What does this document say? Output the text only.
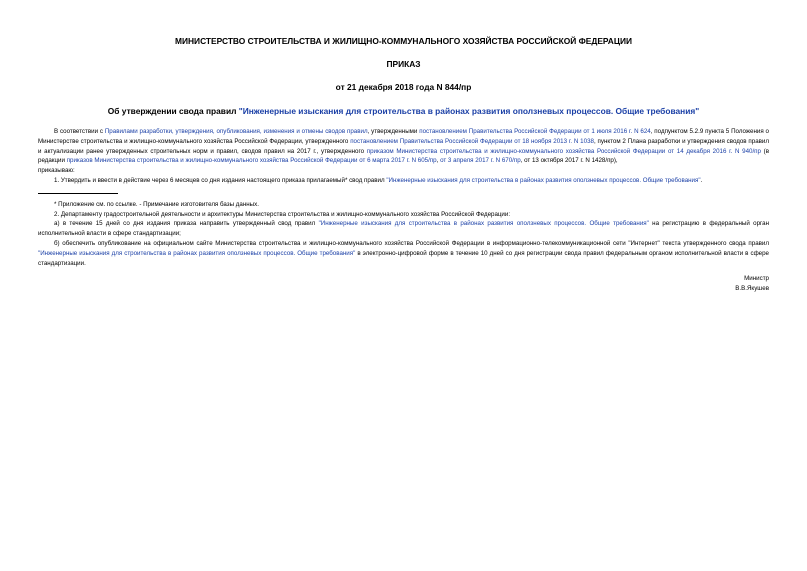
МИНИСТЕРСТВО СТРОИТЕЛЬСТВА И ЖИЛИЩНО-КОММУНАЛЬНОГО ХОЗЯЙСТВА РОССИЙСКОЙ ФЕДЕРАЦИИ
ПРИКАЗ
от 21 декабря 2018 года N 844/пр
Об утверждении свода правил "Инженерные изыскания для строительства в районах развития оползневых процессов. Общие требования"

В соответствии с Правилами разработки, утверждения, опубликования, изменения и отмены сводов правил, утвержденными постановлением Правительства Российской Федерации от 1 июля 2016 г. N 624, подпунктом 5.2.9 пункта 5 Положения о Министерстве строительства и жилищно-коммунального хозяйства Российской Федерации, утвержденного постановлением Правительства Российской Федерации от 18 ноября 2013 г. N 1038, пунктом 2 Плана разработки и утверждения сводов правил и актуализации ранее утвержденных строительных норм и правил, сводов правил на 2017 г., утвержденного приказом Министерства строительства и жилищно-коммунального хозяйства Российской Федерации от 14 декабря 2016 г. N 940/пр (в редакции приказов Министерства строительства и жилищно-коммунального хозяйства Российской Федерации от 6 марта 2017 г. N 605/пр, от 3 апреля 2017 г. N 670/пр, от 13 октября 2017 г. N 1428/пр),

приказываю:

1. Утвердить и ввести в действие через 6 месяцев со дня издания настоящего приказа прилагаемый* свод правил "Инженерные изыскания для строительства в районах развития оползневых процессов. Общие требования".

* Приложение см. по ссылке. - Примечание изготовителя базы данных.

2. Департаменту градостроительной деятельности и архитектуры Министерства строительства и жилищно-коммунального хозяйства Российской Федерации:

а) в течение 15 дней со дня издания приказа направить утвержденный свод правил "Инженерные изыскания для строительства в районах развития оползневых процессов. Общие требования" на регистрацию в федеральный орган исполнительной власти в сфере стандартизации;

б) обеспечить опубликование на официальном сайте Министерства строительства и жилищно-коммунального хозяйства Российской Федерации в информационно-телекоммуникационной сети "Интернет" текста утвержденного свода правил "Инженерные изыскания для строительства в районах развития оползневых процессов. Общие требования" в электронно-цифровой форме в течение 10 дней со дня регистрации свода правил федеральным органом исполнительной власти в сфере стандартизации.

Министр
В.В.Якушев
